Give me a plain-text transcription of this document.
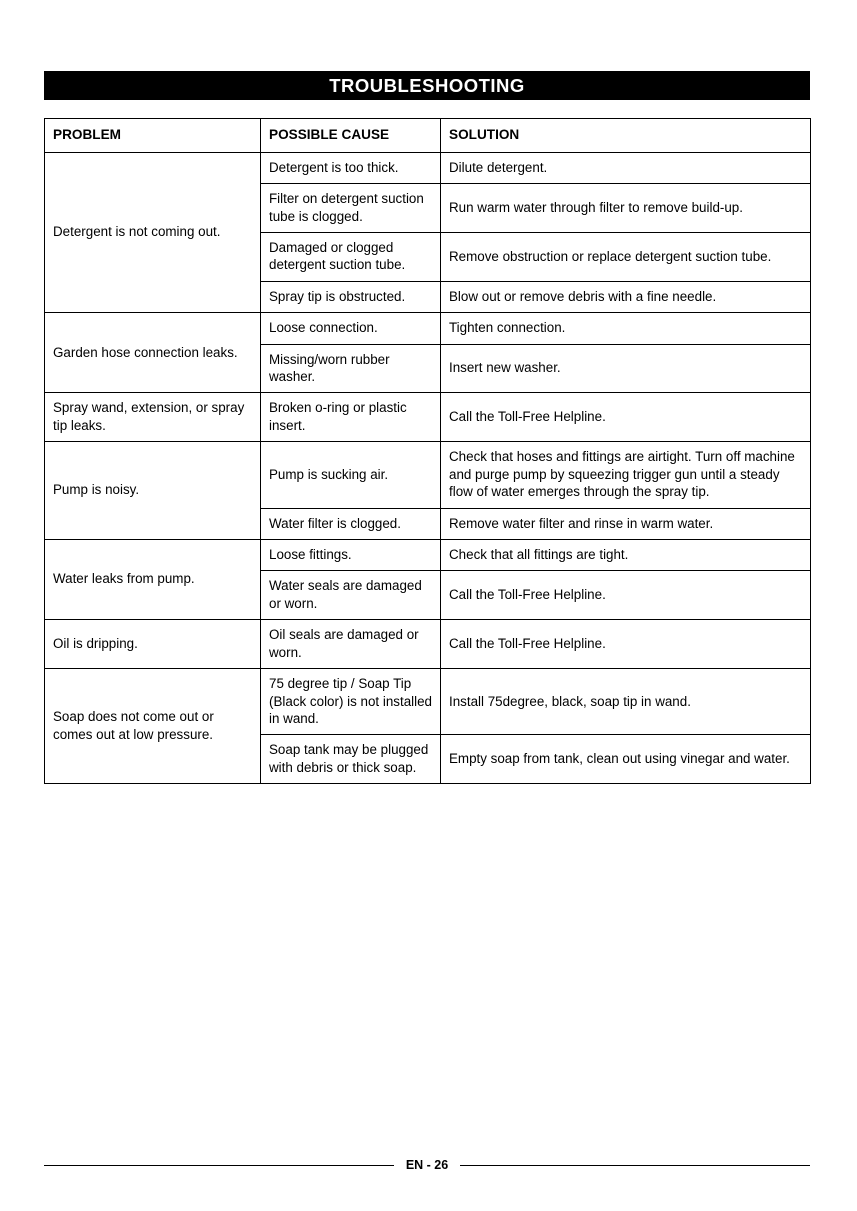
TROUBLESHOOTING
PROBLEM	POSSIBLE CAUSE	SOLUTION
Detergent is not coming out.	Detergent is too thick.	Dilute detergent.
	Filter on detergent suction tube is clogged.	Run warm water through filter to remove build-up.
	Damaged or clogged detergent suction tube.	Remove obstruction or replace detergent suction tube.
	Spray tip is obstructed.	Blow out or remove debris with a fine needle.
Garden hose connection leaks.	Loose connection.	Tighten connection.
	Missing/worn rubber washer.	Insert new washer.
Spray wand, extension, or spray tip leaks.	Broken o-ring or plastic insert.	Call the Toll-Free Helpline.
Pump is noisy.	Pump is sucking air.	Check that hoses and fittings are airtight. Turn off machine and purge pump by squeezing trigger gun until a steady flow of water emerges through the spray tip.
	Water filter is clogged.	Remove water filter and rinse in warm water.
Water leaks from pump.	Loose fittings.	Check that all fittings are tight.
	Water seals are damaged or worn.	Call the Toll-Free Helpline.
Oil is dripping.	Oil seals are damaged or worn.	Call the Toll-Free Helpline.
Soap does not come out or comes out at low pressure.	75 degree tip / Soap Tip (Black color) is not installed in wand.	Install 75degree, black, soap tip in wand.
	Soap tank may be plugged with debris or thick soap.	Empty soap from tank, clean out using vinegar and water.
EN - 26
